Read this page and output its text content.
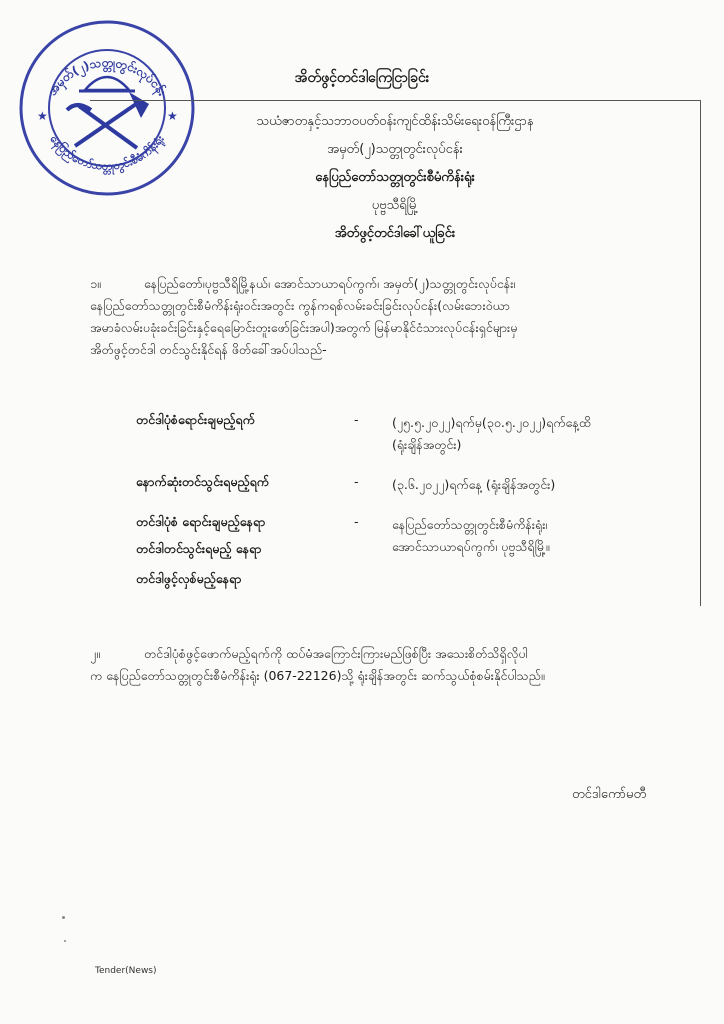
အမှတ်(၂)သတ္တုတွင်းလုပ်ငန်း
နေပြည်တော်သတ္တုတွင်းစီမံကိန်းရုံး
★	★
အိတ်ဖွင့်တင်ဒါကြေငြာခြင်း
သယံဇာတနှင့်သဘာဝပတ်ဝန်းကျင်ထိန်းသိမ်းရေးဝန်ကြီးဌာန
အမှတ်(၂)သတ္တုတွင်းလုပ်ငန်း
နေပြည်တော်သတ္တုတွင်းစီမံကိန်းရုံး
ပုဗ္ဗသီရိမြို့
အိတ်ဖွင့်တင်ဒါခေါ်ယူခြင်း
၁။	နေပြည်တော်၊ပုဗ္ဗသီရိမြို့နယ်၊ အောင်သာယာရပ်ကွက်၊ အမှတ်(၂)သတ္တုတွင်းလုပ်ငန်း၊
နေပြည်တော်သတ္တုတွင်းစီမံကိန်းရုံးဝင်းအတွင်း ကွန်ကရစ်လမ်းခင်းခြင်းလုပ်ငန်း(လမ်းဘေးဝဲယာ
အမာခံလမ်းပခုံးခင်းခြင်းနှင့်ရေမြောင်းတူးဖော်ခြင်းအပါ)အတွက် မြန်မာနိုင်ငံသားလုပ်ငန်းရှင်များမှ
အိတ်ဖွင့်တင်ဒါ တင်သွင်းနိုင်ရန် ဖိတ်ခေါ်အပ်ပါသည်-
တင်ဒါပုံစံရောင်းချမည့်ရက်	-	(၂၅.၅.၂၀၂၂)ရက်မှ(၃၀.၅.၂၀၂၂)ရက်နေ့ထိ
(ရုံးချိန်အတွင်း)
နောက်ဆုံးတင်သွင်းရမည့်ရက်	-	(၃.၆.၂၀၂၂)ရက်နေ့ (ရုံးချိန်အတွင်း)
တင်ဒါပုံစံ ရောင်းချမည့်နေရာ	-	နေပြည်တော်သတ္တုတွင်းစီမံကိန်းရုံး၊
အောင်သာယာရပ်ကွက်၊ ပုဗ္ဗသီရိမြို့။
တင်ဒါတင်သွင်းရမည့် နေရာ
တင်ဒါဖွင့်လှစ်မည့်နေရာ
၂။	တင်ဒါပုံစံဖွင့်ဖောက်မည့်ရက်ကို ထပ်မံအကြောင်းကြားမည်ဖြစ်ပြီး အသေးစိတ်သိရှိလိုပါ
က နေပြည်တော်သတ္တုတွင်းစီမံကိန်းရုံး (067-22126)သို့ ရုံးချိန်အတွင်း ဆက်သွယ်စုံစမ်းနိုင်ပါသည်။
တင်ဒါကော်မတီ
Tender(News)
